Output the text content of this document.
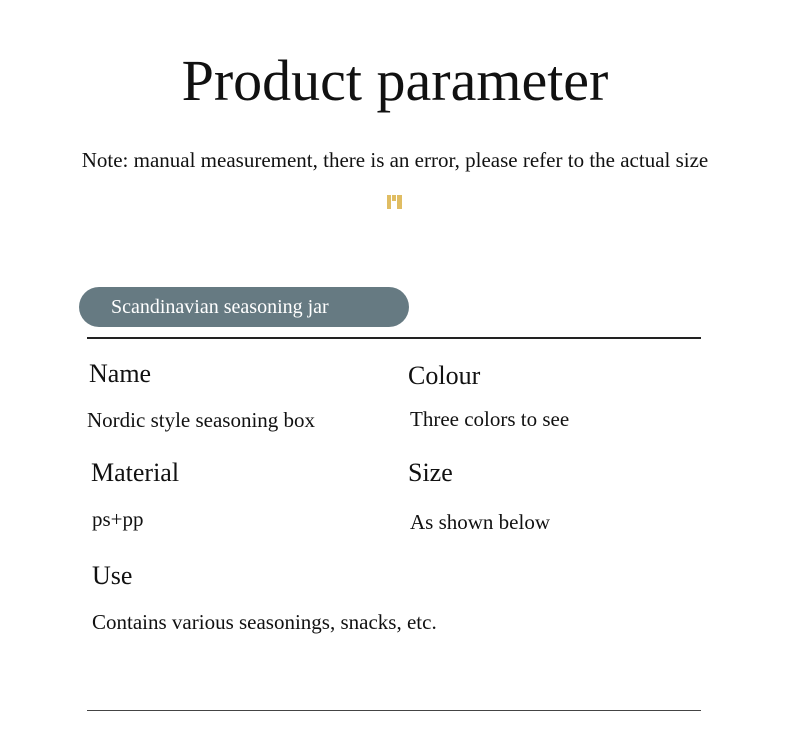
Product parameter
Note: manual measurement, there is an error, please refer to the actual size
Scandinavian seasoning jar
Name	Colour
Nordic style seasoning box	Three colors to see
Material	Size
ps+pp	As shown below
Use
Contains various seasonings, snacks, etc.
